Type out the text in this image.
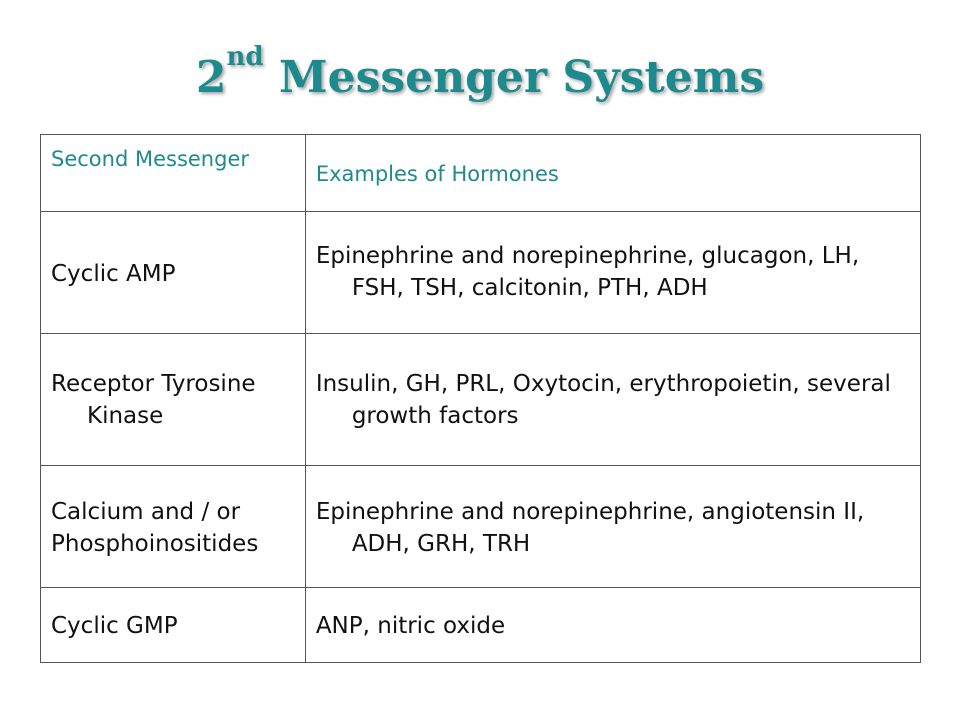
2nd Messenger Systems
Second Messenger	Examples of Hormones

Cyclic AMP	Epinephrine and norepinephrine, glucagon, LH, FSH, TSH, calcitonin, PTH, ADH

Receptor Tyrosine Kinase	Insulin, GH, PRL, Oxytocin, erythropoietin, several growth factors

Calcium and / or Phosphoinositides	Epinephrine and norepinephrine, angiotensin II, ADH, GRH, TRH

Cyclic GMP	ANP, nitric oxide
